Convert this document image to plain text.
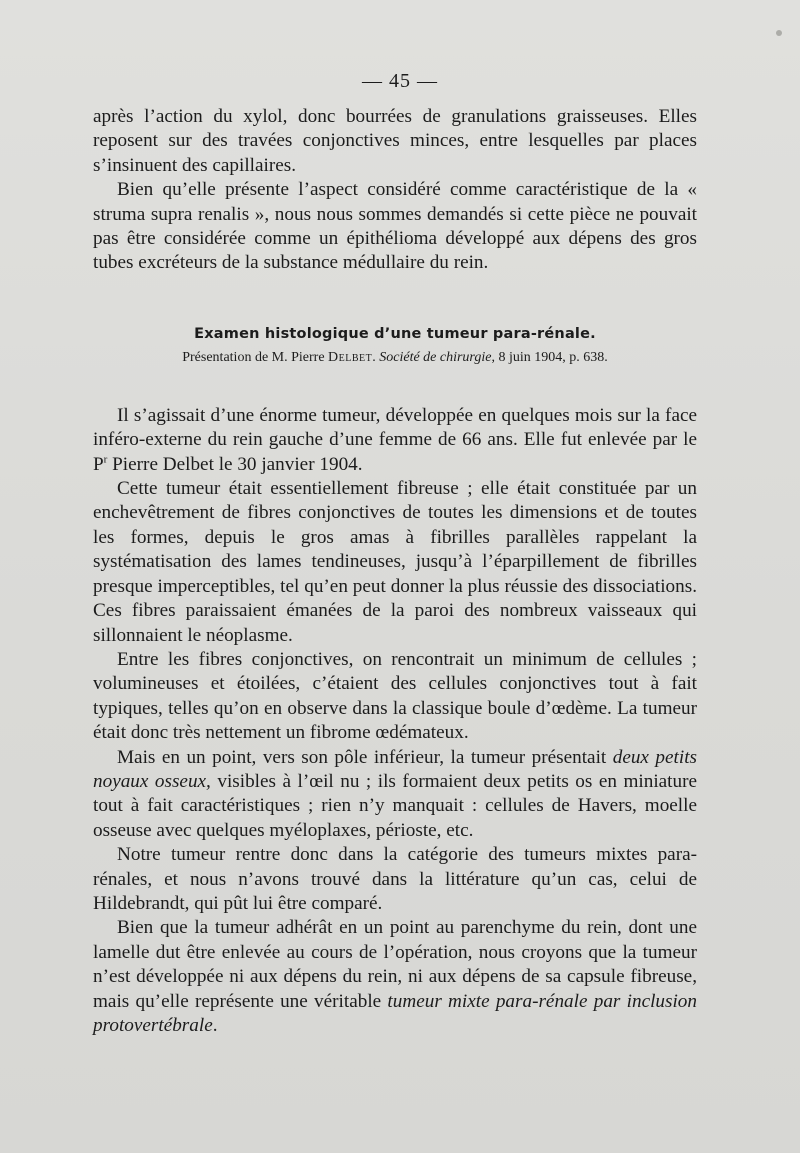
— 45 —

après l’action du xylol, donc bourrées de granulations graisseuses. Elles reposent sur des travées conjonctives minces, entre lesquelles par places s’insinuent des capillaires.

Bien qu’elle présente l’aspect considéré comme caractéristique de la « struma supra renalis », nous nous sommes demandés si cette pièce ne pouvait pas être considérée comme un épithélioma développé aux dépens des gros tubes excréteurs de la substance médullaire du rein.

Examen histologique d’une tumeur para-rénale.
Présentation de M. Pierre Delbet. Société de chirurgie, 8 juin 1904, p. 638.

Il s’agissait d’une énorme tumeur, développée en quelques mois sur la face inféro-externe du rein gauche d’une femme de 66 ans. Elle fut enlevée par le $P^r$ Pierre Delbet le 30 janvier 1904.

Cette tumeur était essentiellement fibreuse ; elle était constituée par un enchevêtrement de fibres conjonctives de toutes les dimensions et de toutes les formes, depuis le gros amas à fibrilles parallèles rappelant la systématisation des lames tendineuses, jusqu’à l’éparpillement de fibrilles presque imperceptibles, tel qu’en peut donner la plus réussie des dissociations. Ces fibres paraissaient émanées de la paroi des nombreux vaisseaux qui sillonnaient le néoplasme.

Entre les fibres conjonctives, on rencontrait un minimum de cellules ; volumineuses et étoilées, c’étaient des cellules conjonctives tout à fait typiques, telles qu’on en observe dans la classique boule d’œdème. La tumeur était donc très nettement un fibrome œdémateux.

Mais en un point, vers son pôle inférieur, la tumeur présentait deux petits noyaux osseux, visibles à l’œil nu ; ils formaient deux petits os en miniature tout à fait caractéristiques ; rien n’y manquait : cellules de Havers, moelle osseuse avec quelques myéloplaxes, périoste, etc.

Notre tumeur rentre donc dans la catégorie des tumeurs mixtes para-rénales, et nous n’avons trouvé dans la littérature qu’un cas, celui de Hildebrandt, qui pût lui être comparé.

Bien que la tumeur adhérât en un point au parenchyme du rein, dont une lamelle dut être enlevée au cours de l’opération, nous croyons que la tumeur n’est développée ni aux dépens du rein, ni aux dépens de sa capsule fibreuse, mais qu’elle représente une véritable tumeur mixte para-rénale par inclusion protovertébrale.
